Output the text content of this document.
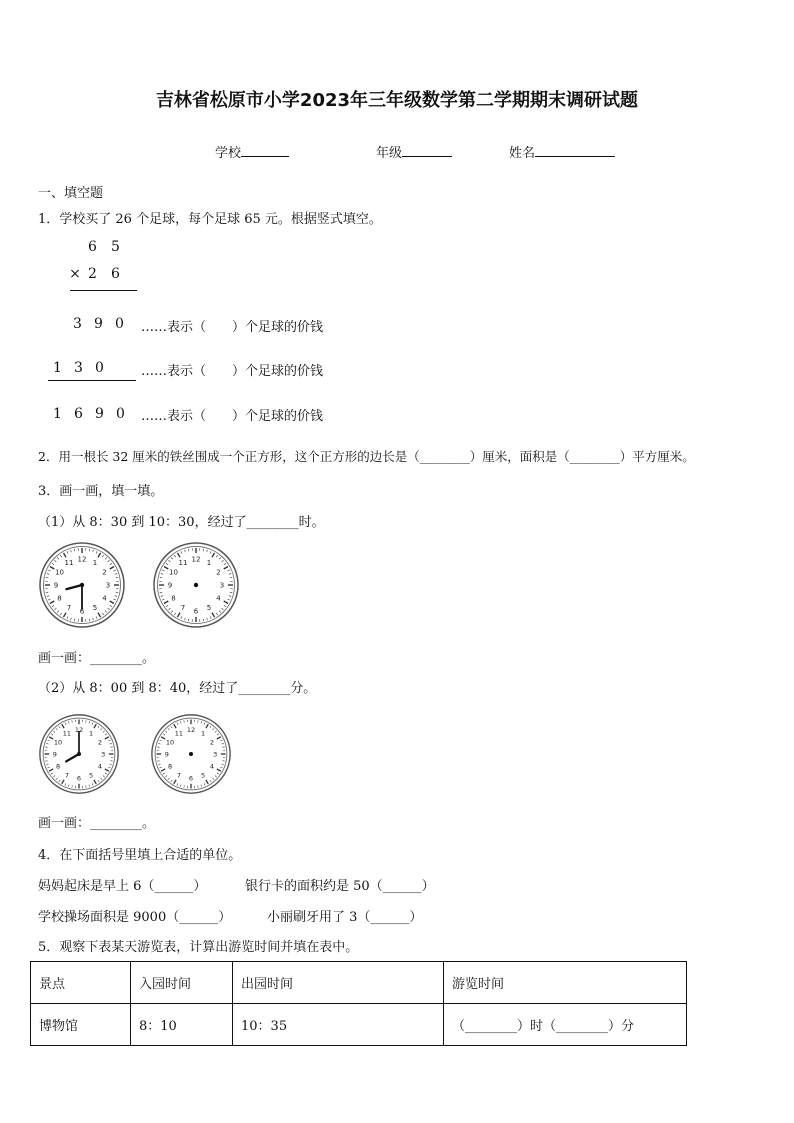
吉林省松原市小学2023年三年级数学第二学期期末调研试题
学校	年级	姓名
一、填空题
1．学校买了 26 个足球，每个足球 65 元。根据竖式填空。
6 5
× 2 6
3 9 0 ……表示（　　）个足球的价钱
1 3 0	……表示（　　）个足球的价钱
1 6 9 0 ……表示（　　）个足球的价钱
2．用一根长 32 厘米的铁丝围成一个正方形，这个正方形的边长是（________）厘米，面积是（________）平方厘米。
3．画一画，填一填。
（1）从 8：30 到 10：30，经过了________时。
1
2
3
4
5
6
7
8
9
10
11 12	1
2
3
4
5
6
7
8
9
10
11 12
画一画：________。
（2）从 8：00 到 8：40，经过了________分。
1
2
3
4
5
6
7
8
9
10
11 12	1
2
3
4
5
6
7
8
9
10
11 12
画一画：________。
4．在下面括号里填上合适的单位。
妈妈起床是早上 6（______）	银行卡的面积约是 50（______）
学校操场面积是 9000（______）	小丽刷牙用了 3（______）
5．观察下表某天游览表，计算出游览时间并填在表中。
景点	入园时间	出园时间	游览时间
博物馆	8：10	10：35	（________）时（________）分
